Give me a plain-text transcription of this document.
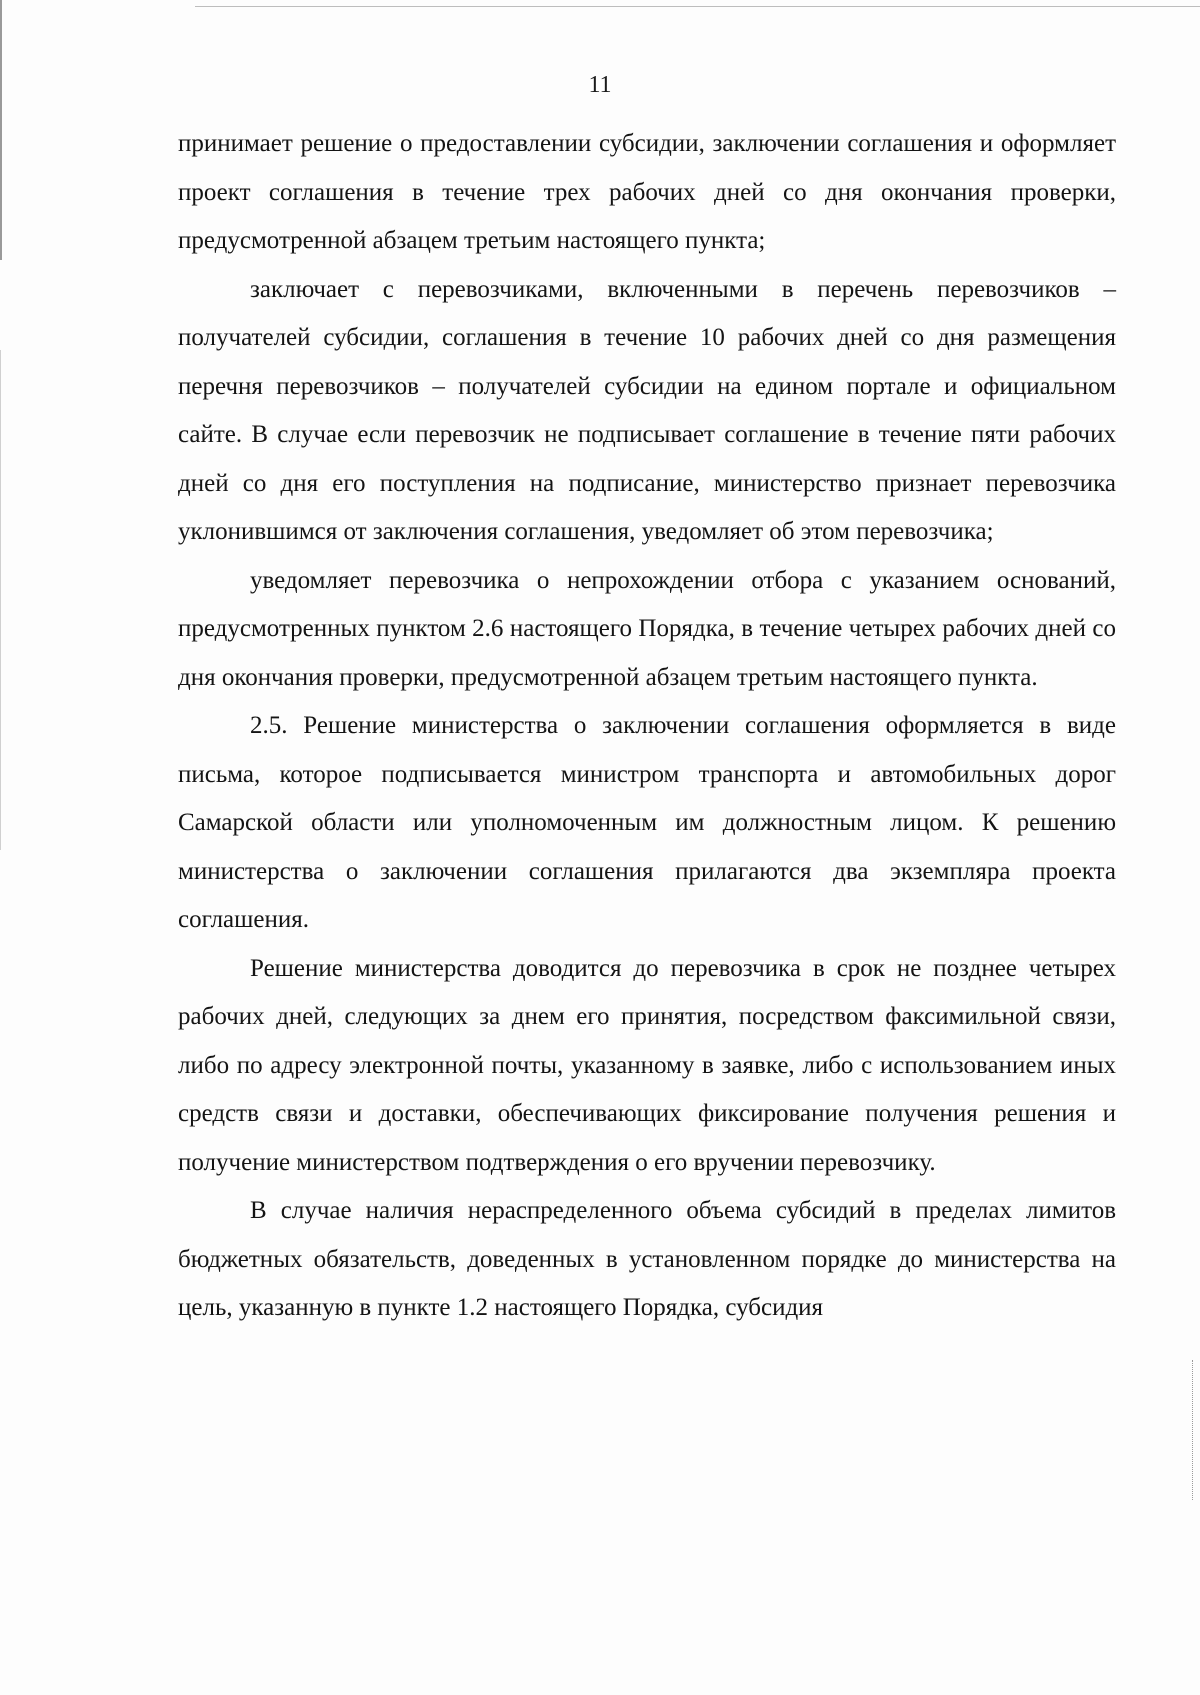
11

принимает решение о предоставлении субсидии, заключении соглашения и оформляет проект соглашения в течение трех рабочих дней со дня окончания проверки, предусмотренной абзацем третьим настоящего пункта;

заключает с перевозчиками, включенными в перечень перевозчиков – получателей субсидии, соглашения в течение 10 рабочих дней со дня размещения перечня перевозчиков – получателей субсидии на едином портале и официальном сайте. В случае если перевозчик не подписывает соглашение в течение пяти рабочих дней со дня его поступления на подписание, министерство признает перевозчика уклонившимся от заключения соглашения, уведомляет об этом перевозчика;

уведомляет перевозчика о непрохождении отбора с указанием оснований, предусмотренных пунктом 2.6 настоящего Порядка, в течение четырех рабочих дней со дня окончания проверки, предусмотренной абзацем третьим настоящего пункта.

2.5. Решение министерства о заключении соглашения оформляется в виде письма, которое подписывается министром транспорта и автомобильных дорог Самарской области или уполномоченным им должностным лицом. К решению министерства о заключении соглашения прилагаются два экземпляра проекта соглашения.

Решение министерства доводится до перевозчика в срок не позднее четырех рабочих дней, следующих за днем его принятия, посредством факсимильной связи, либо по адресу электронной почты, указанному в заявке, либо с использованием иных средств связи и доставки, обеспечивающих фиксирование получения решения и получение министерством подтверждения о его вручении перевозчику.

В случае наличия нераспределенного объема субсидий в пределах лимитов бюджетных обязательств, доведенных в установленном порядке до министерства на цель, указанную в пункте 1.2 настоящего Порядка, субсидия
